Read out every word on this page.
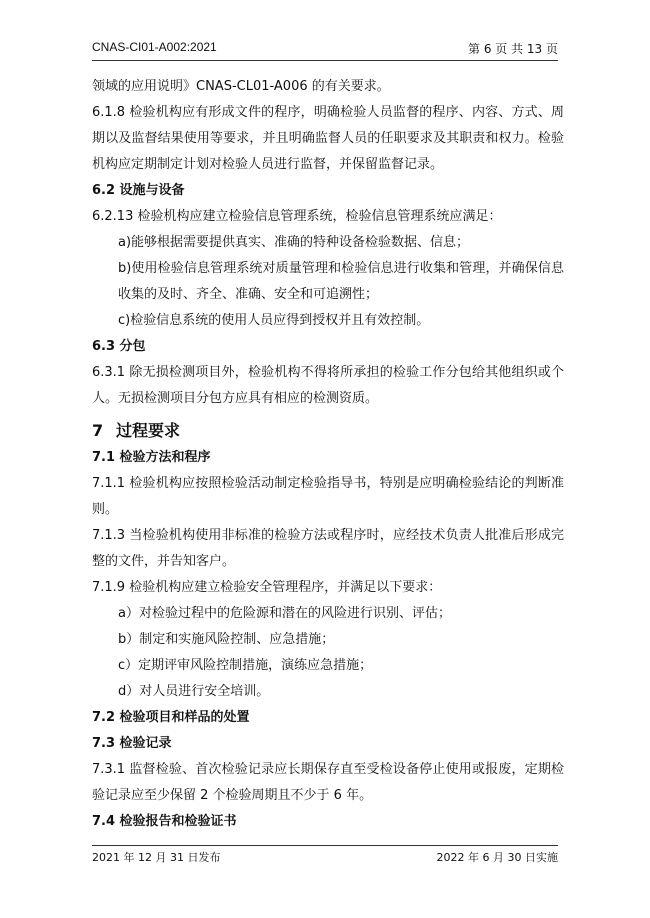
CNAS-CI01-A002:2021	第 6 页 共 13 页

领域的应用说明》CNAS-CL01-A006 的有关要求。

6.1.8 检验机构应有形成文件的程序，明确检验人员监督的程序、内容、方式、周期以及监督结果使用等要求，并且明确监督人员的任职要求及其职责和权力。检验机构应定期制定计划对检验人员进行监督，并保留监督记录。

6.2 设施与设备

6.2.13 检验机构应建立检验信息管理系统，检验信息管理系统应满足：

a)能够根据需要提供真实、准确的特种设备检验数据、信息；

b)使用检验信息管理系统对质量管理和检验信息进行收集和管理，并确保信息收集的及时、齐全、准确、安全和可追溯性；

c)检验信息系统的使用人员应得到授权并且有效控制。

6.3 分包

6.3.1 除无损检测项目外，检验机构不得将所承担的检验工作分包给其他组织或个人。无损检测项目分包方应具有相应的检测资质。

7 过程要求

7.1 检验方法和程序

7.1.1 检验机构应按照检验活动制定检验指导书，特别是应明确检验结论的判断准则。

7.1.3 当检验机构使用非标准的检验方法或程序时，应经技术负责人批准后形成完整的文件，并告知客户。

7.1.9 检验机构应建立检验安全管理程序，并满足以下要求：

a）对检验过程中的危险源和潜在的风险进行识别、评估；

b）制定和实施风险控制、应急措施；

c）定期评审风险控制措施，演练应急措施；

d）对人员进行安全培训。

7.2 检验项目和样品的处置

7.3 检验记录

7.3.1 监督检验、首次检验记录应长期保存直至受检设备停止使用或报废，定期检验记录应至少保留 2 个检验周期且不少于 6 年。

7.4 检验报告和检验证书

2021 年 12 月 31 日发布	2022 年 6 月 30 日实施
